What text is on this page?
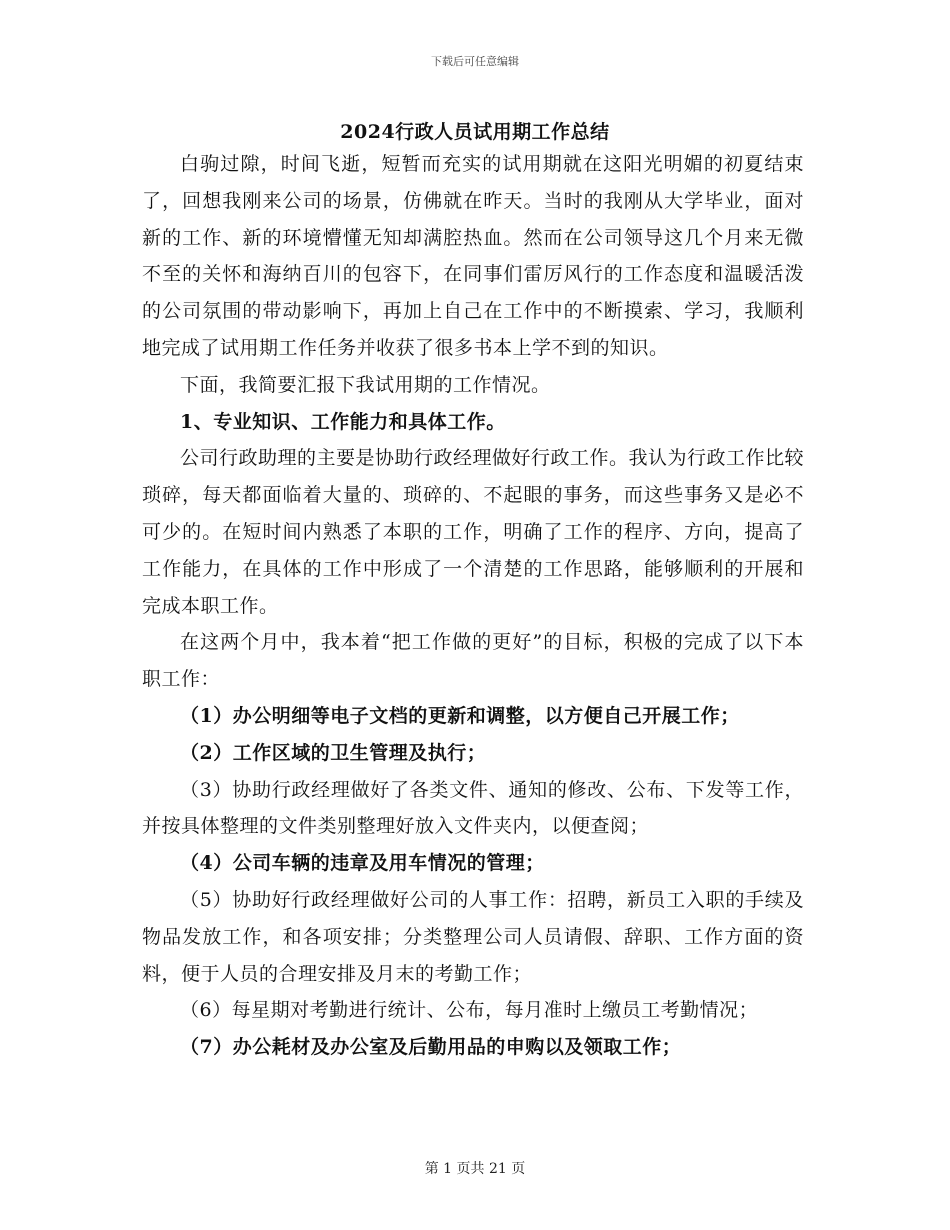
下载后可任意编辑
2024行政人员试用期工作总结

白驹过隙，时间飞逝，短暂而充实的试用期就在这阳光明媚的初夏结束了，回想我刚来公司的场景，仿佛就在昨天。当时的我刚从大学毕业，面对新的工作、新的环境懵懂无知却满腔热血。然而在公司领导这几个月来无微不至的关怀和海纳百川的包容下，在同事们雷厉风行的工作态度和温暖活泼的公司氛围的带动影响下，再加上自己在工作中的不断摸索、学习，我顺利地完成了试用期工作任务并收获了很多书本上学不到的知识。

下面，我简要汇报下我试用期的工作情况。

1、专业知识、工作能力和具体工作。

公司行政助理的主要是协助行政经理做好行政工作。我认为行政工作比较琐碎，每天都面临着大量的、琐碎的、不起眼的事务，而这些事务又是必不可少的。在短时间内熟悉了本职的工作，明确了工作的程序、方向，提高了工作能力，在具体的工作中形成了一个清楚的工作思路，能够顺利的开展和完成本职工作。

在这两个月中，我本着“把工作做的更好”的目标，积极的完成了以下本职工作：

（1）办公明细等电子文档的更新和调整，以方便自己开展工作；

（2）工作区域的卫生管理及执行；

（3）协助行政经理做好了各类文件、通知的修改、公布、下发等工作，并按具体整理的文件类别整理好放入文件夹内，以便查阅；

（4）公司车辆的违章及用车情况的管理；

（5）协助好行政经理做好公司的人事工作：招聘，新员工入职的手续及物品发放工作，和各项安排；分类整理公司人员请假、辞职、工作方面的资料，便于人员的合理安排及月末的考勤工作；

（6）每星期对考勤进行统计、公布，每月准时上缴员工考勤情况；

（7）办公耗材及办公室及后勤用品的申购以及领取工作；

第 1 页共 21 页
